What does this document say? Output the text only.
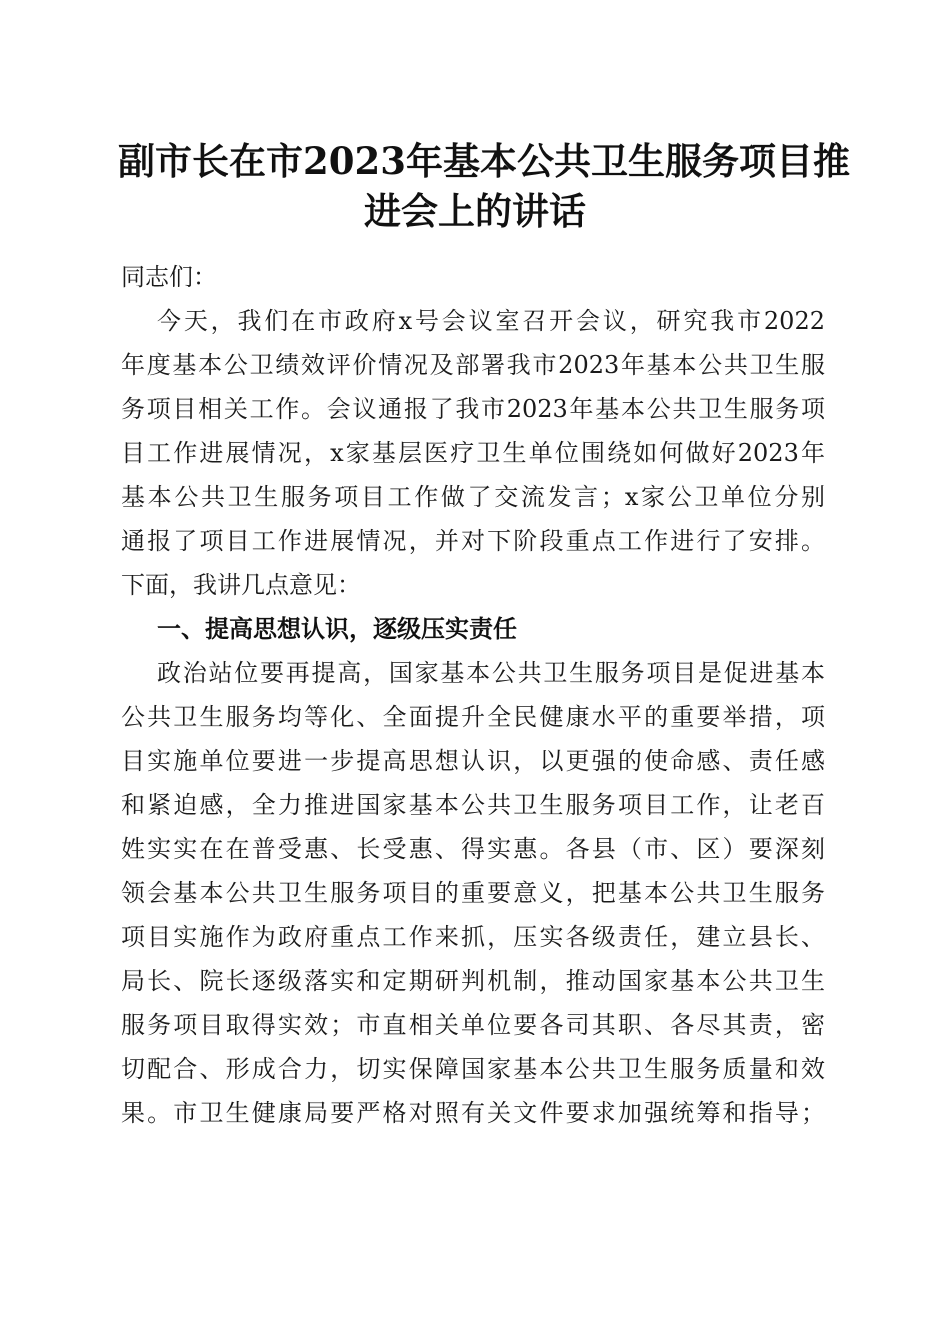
副市长在市2023年基本公共卫生服务项目推
进会上的讲话
同志们：
今天，我们在市政府x号会议室召开会议，研究我市2022
年度基本公卫绩效评价情况及部署我市2023年基本公共卫生服
务项目相关工作。会议通报了我市2023年基本公共卫生服务项
目工作进展情况，x家基层医疗卫生单位围绕如何做好2023年
基本公共卫生服务项目工作做了交流发言；x家公卫单位分别
通报了项目工作进展情况，并对下阶段重点工作进行了安排。
下面，我讲几点意见：
一、提高思想认识，逐级压实责任
政治站位要再提高，国家基本公共卫生服务项目是促进基本
公共卫生服务均等化、全面提升全民健康水平的重要举措，项
目实施单位要进一步提高思想认识，以更强的使命感、责任感
和紧迫感，全力推进国家基本公共卫生服务项目工作，让老百
姓实实在在普受惠、长受惠、得实惠。各县（市、区）要深刻
领会基本公共卫生服务项目的重要意义，把基本公共卫生服务
项目实施作为政府重点工作来抓，压实各级责任，建立县长、
局长、院长逐级落实和定期研判机制，推动国家基本公共卫生
服务项目取得实效；市直相关单位要各司其职、各尽其责，密
切配合、形成合力，切实保障国家基本公共卫生服务质量和效
果。市卫生健康局要严格对照有关文件要求加强统筹和指导；
